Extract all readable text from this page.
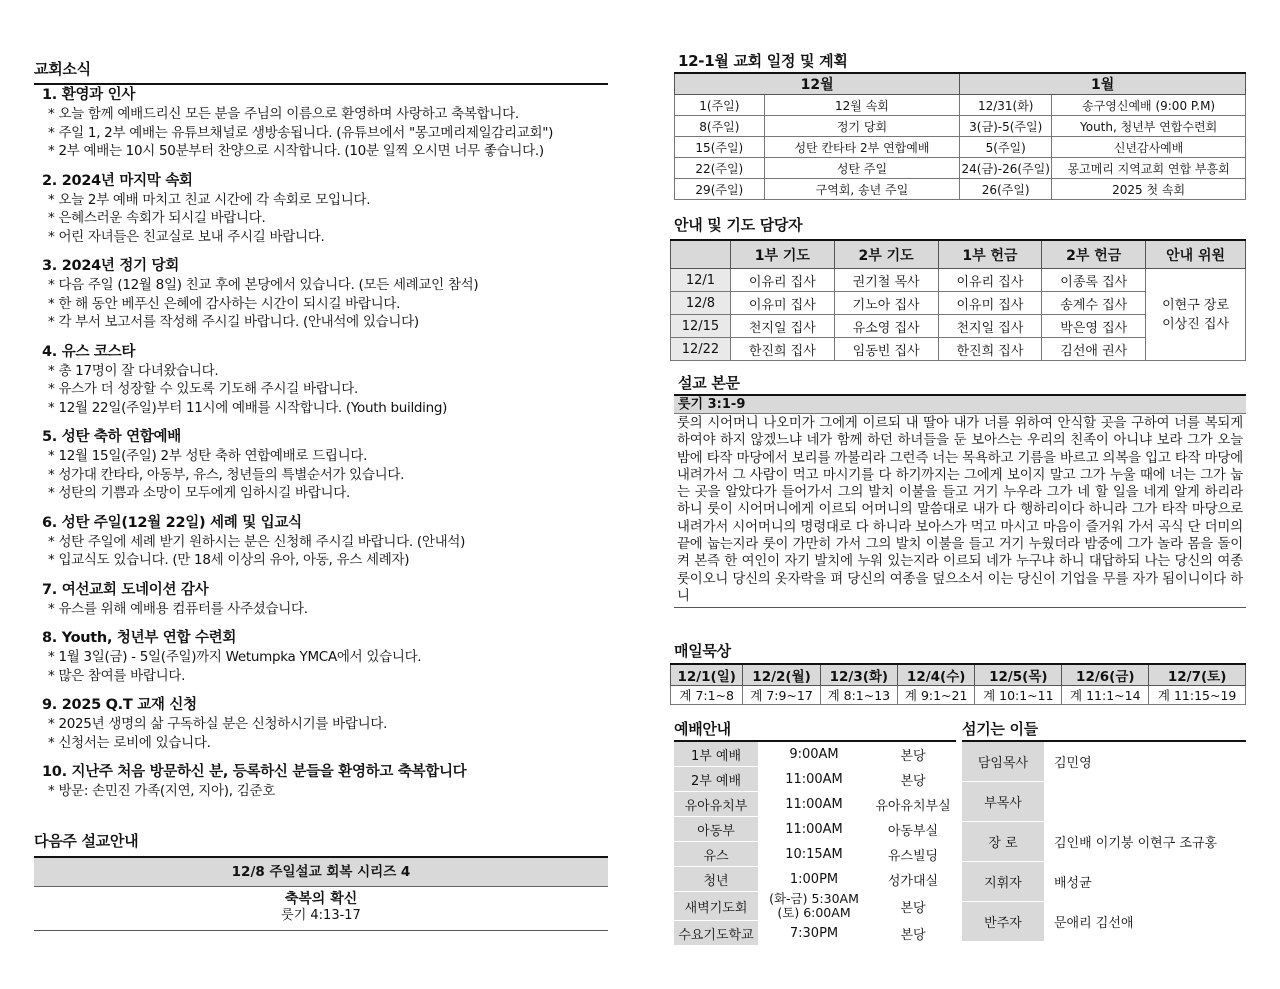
교회소식
1. 환영과 인사
* 오늘 함께 예배드리신 모든 분을 주님의 이름으로 환영하며 사랑하고 축복합니다.
* 주일 1, 2부 예배는 유튜브채널로 생방송됩니다. (유튜브에서 "몽고메리제일감리교회")
* 2부 예배는 10시 50분부터 찬양으로 시작합니다. (10분 일찍 오시면 너무 좋습니다.)
2. 2024년 마지막 속회
* 오늘 2부 예배 마치고 친교 시간에 각 속회로 모입니다.
* 은혜스러운 속회가 되시길 바랍니다.
* 어린 자녀들은 친교실로 보내 주시길 바랍니다.
3. 2024년 정기 당회
* 다음 주일 (12월 8일) 친교 후에 본당에서 있습니다. (모든 세례교인 참석)
* 한 해 동안 베푸신 은혜에 감사하는 시간이 되시길 바랍니다.
* 각 부서 보고서를 작성해 주시길 바랍니다. (안내석에 있습니다)
4. 유스 코스타
* 총 17명이 잘 다녀왔습니다.
* 유스가 더 성장할 수 있도록 기도해 주시길 바랍니다.
* 12월 22일(주일)부터 11시에 예배를 시작합니다. (Youth building)
5. 성탄 축하 연합예배
* 12월 15일(주일) 2부 성탄 축하 연합예배로 드립니다.
* 성가대 칸타타, 아동부, 유스, 청년들의 특별순서가 있습니다.
* 성탄의 기쁨과 소망이 모두에게 임하시길 바랍니다.
6. 성탄 주일(12월 22일) 세례 및 입교식
* 성탄 주일에 세례 받기 원하시는 분은 신청해 주시길 바랍니다. (안내석)
* 입교식도 있습니다. (만 18세 이상의 유아, 아동, 유스 세례자)
7. 여선교회 도네이션 감사
* 유스를 위해 예배용 컴퓨터를 사주셨습니다.
8. Youth, 청년부 연합 수련회
* 1월 3일(금) - 5일(주일)까지 Wetumpka YMCA에서 있습니다.
* 많은 참여를 바랍니다.
9. 2025 Q.T 교재 신청
* 2025년 생명의 삶 구독하실 분은 신청하시기를 바랍니다.
* 신청서는 로비에 있습니다.
10. 지난주 처음 방문하신 분, 등록하신 분들을 환영하고 축복합니다
* 방문: 손민진 가족(지연, 지아), 김준호
다음주 설교안내
12/8 주일설교 회복 시리즈 4
축복의 확신
룻기 4:13-17
12-1월 교회 일정 및 계획
12월		1월	
1(주일)	12월 속회	12/31(화)	송구영신예배 (9:00 P.M)
8(주일)	정기 당회	3(금)-5(주일)	Youth, 청년부 연합수련회
15(주일)	성탄 칸타타 2부 연합예배	5(주일)	신년감사예배
22(주일)	성탄 주일	24(금)-26(주일)	몽고메리 지역교회 연합 부흥회
29(주일)	구역회, 송년 주일	26(주일)	2025 첫 속회
안내 및 기도 담당자
	1부 기도	2부 기도	1부 헌금	2부 헌금	안내 위원
12/1	이유리 집사	권기철 목사	이유리 집사	이종록 집사	이현구 장로
이상진 집사

12/8	이유미 집사	기노아 집사	이유미 집사	송계수 집사	
12/15	천지일 집사	유소영 집사	천지일 집사	박은영 집사	
12/22	한진희 집사	임동빈 집사	한진희 집사	김선애 권사	
설교 본문
룻기 3:1-9
룻의 시어머니 나오미가 그에게 이르되 내 딸아 내가 너를 위하여 안식할 곳을 구하여 너를 복되게 하여야 하지 않겠느냐 네가 함께 하던 하녀들을 둔 보아스는 우리의 친족이 아니냐 보라 그가 오늘 밤에 타작 마당에서 보리를 까불리라 그런즉 너는 목욕하고 기름을 바르고 의복을 입고 타작 마당에 내려가서 그 사람이 먹고 마시기를 다 하기까지는 그에게 보이지 말고 그가 누울 때에 너는 그가 눕는 곳을 알았다가 들어가서 그의 발치 이불을 들고 거기 누우라 그가 네 할 일을 네게 알게 하리라 하니 룻이 시어머니에게 이르되 어머니의 말씀대로 내가 다 행하리이다 하니라 그가 타작 마당으로 내려가서 시어머니의 명령대로 다 하니라 보아스가 먹고 마시고 마음이 즐거워 가서 곡식 단 더미의 끝에 눕는지라 룻이 가만히 가서 그의 발치 이불을 들고 거기 누웠더라 밤중에 그가 놀라 몸을 돌이켜 본즉 한 여인이 자기 발치에 누워 있는지라 이르되 네가 누구냐 하니 대답하되 나는 당신의 여종 룻이오니 당신의 옷자락을 펴 당신의 여종을 덮으소서 이는 당신이 기업을 무를 자가 됨이니이다 하니
매일묵상
12/1(일)	12/2(월)	12/3(화)	12/4(수)	12/5(목)	12/6(금)	12/7(토)
계 7:1~8	계 7:9~17	계 8:1~13	계 9:1~21	계 10:1~11	계 11:1~14	계 11:15~19
예배안내
1부 예배	9:00AM	본당
2부 예배	11:00AM	본당
유아유치부	11:00AM	유아유치부실
아동부	11:00AM	아동부실
유스	10:15AM	유스빌딩
청년	1:00PM	성가대실
새벽기도회	(화-금) 5:30AM (토) 6:00AM	본당
수요기도학교	7:30PM	본당
섬기는 이들
담임목사	김민영
부목사	
장 로	김인배 이기붕 이현구 조규홍
지휘자	배성균
반주자	문애리 김선애
